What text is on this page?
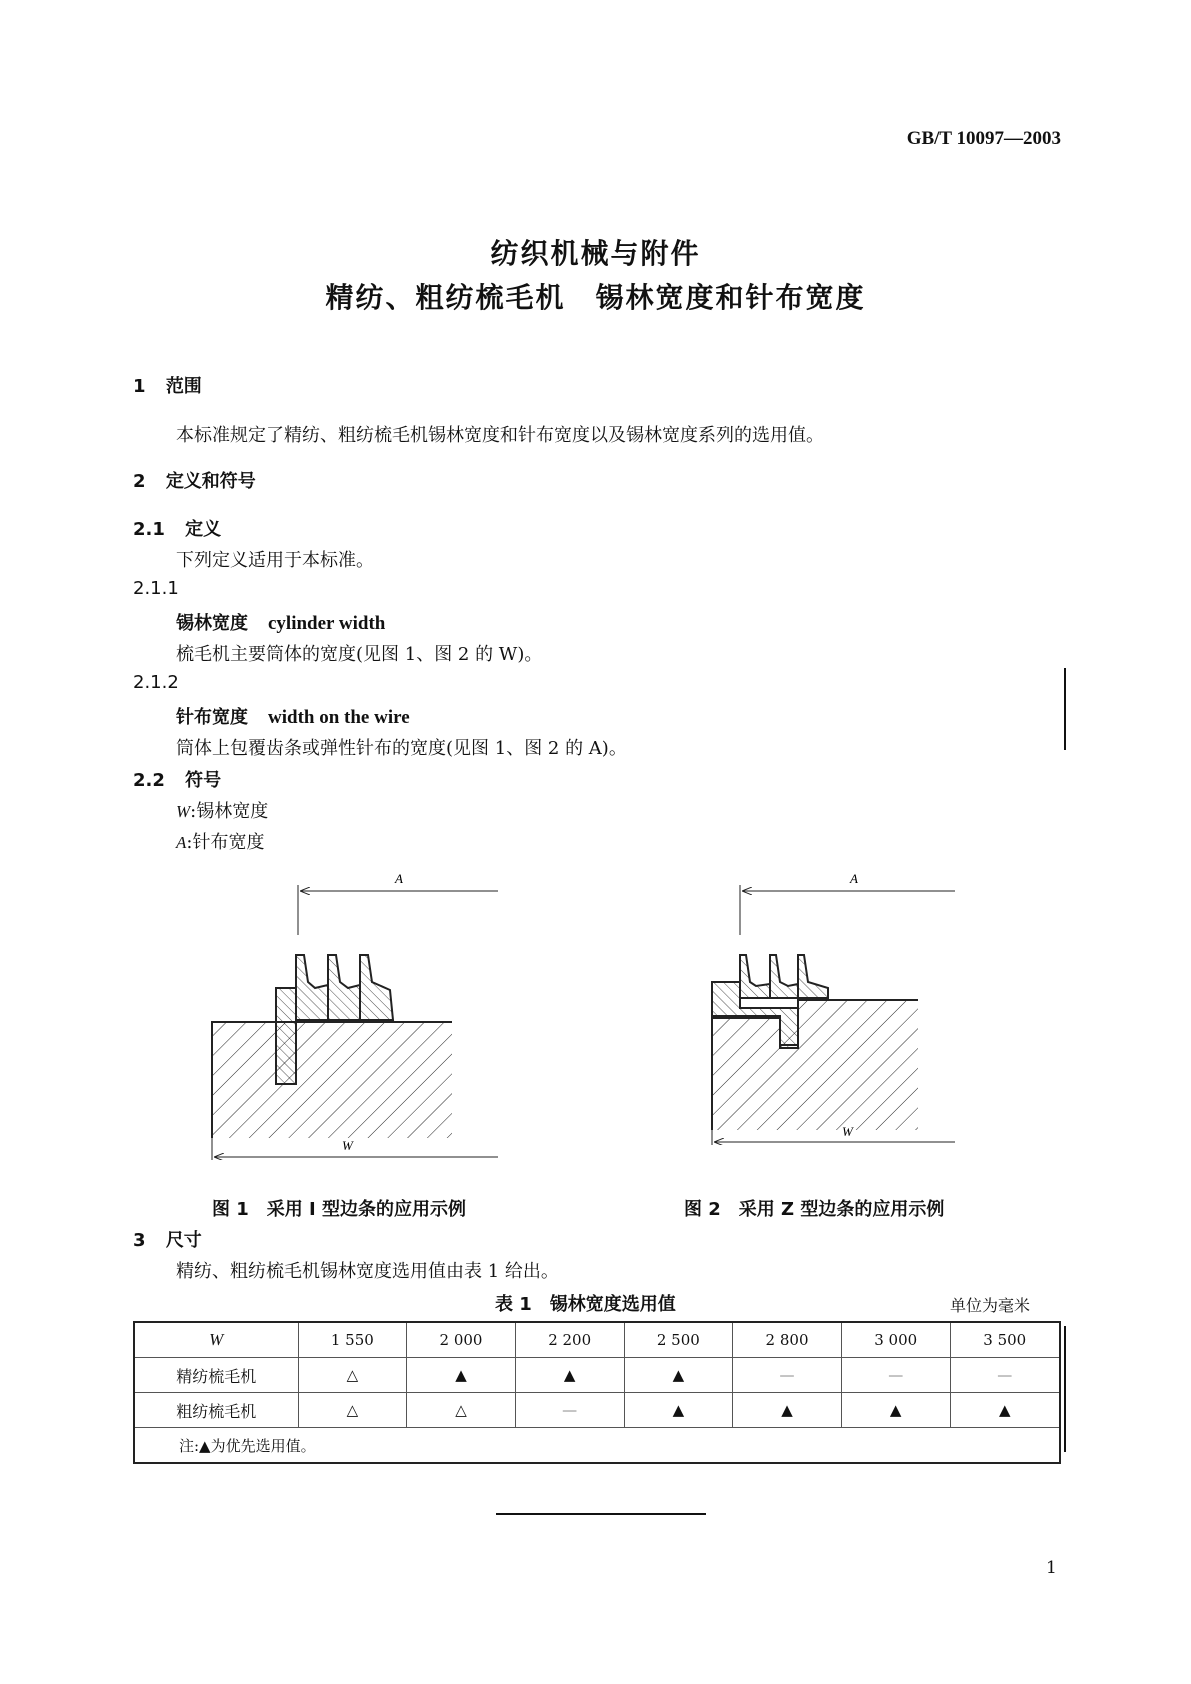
GB/T 10097—2003
纺织机械与附件
精纺、粗纺梳毛机　锡林宽度和针布宽度
1 范围
本标准规定了精纺、粗纺梳毛机锡林宽度和针布宽度以及锡林宽度系列的选用值。
2 定义和符号
2.1 定义
下列定义适用于本标准。
2.1.1
锡林宽度 cylinder width
梳毛机主要筒体的宽度(见图 1、图 2 的 W)。
2.1.2
针布宽度 width on the wire
筒体上包覆齿条或弹性针布的宽度(见图 1、图 2 的 A)。
2.2 符号
W:锡林宽度
A:针布宽度
A
W
A
W
图 1　采用 I 型边条的应用示例	图 2　采用 Z 型边条的应用示例
3 尺寸
精纺、粗纺梳毛机锡林宽度选用值由表 1 给出。
表 1　锡林宽度选用值	单位为毫米
W	1 550	2 000	2 200	2 500	2 800	3 000	3 500
精纺梳毛机	△	▲	▲	▲	—	—	—
粗纺梳毛机	△	△	—	▲	▲	▲	▲
注:▲为优先选用值。							
1
